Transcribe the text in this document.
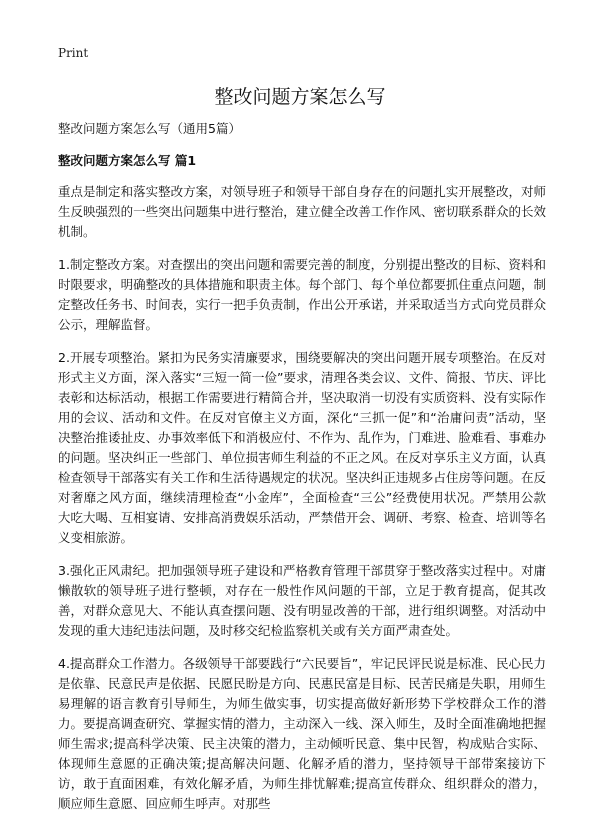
Print
整改问题方案怎么写

整改问题方案怎么写（通用5篇）

整改问题方案怎么写 篇1

重点是制定和落实整改方案，对领导班子和领导干部自身存在的问题扎实开展整改，对师生反映强烈的一些突出问题集中进行整治，建立健全改善工作作风、密切联系群众的长效机制。

1.制定整改方案。对查摆出的突出问题和需要完善的制度，分别提出整改的目标、资料和时限要求，明确整改的具体措施和职责主体。每个部门、每个单位都要抓住重点问题，制定整改任务书、时间表，实行一把手负责制，作出公开承诺，并采取适当方式向党员群众公示，理解监督。

2.开展专项整治。紧扣为民务实清廉要求，围绕要解决的突出问题开展专项整治。在反对形式主义方面，深入落实“三短一简一俭”要求，清理各类会议、文件、简报、节庆、评比表彰和达标活动，根据工作需要进行精简合并，坚决取消一切没有实质资料、没有实际作用的会议、活动和文件。在反对官僚主义方面，深化“三抓一促”和“治庸问责”活动，坚决整治推诿扯皮、办事效率低下和消极应付、不作为、乱作为，门难进、脸难看、事难办的问题。坚决纠正一些部门、单位损害师生利益的不正之风。在反对享乐主义方面，认真检查领导干部落实有关工作和生活待遇规定的状况。坚决纠正违规多占住房等问题。在反对奢靡之风方面，继续清理检查“小金库”，全面检查“三公”经费使用状况。严禁用公款大吃大喝、互相宴请、安排高消费娱乐活动，严禁借开会、调研、考察、检查、培训等名义变相旅游。

3.强化正风肃纪。把加强领导班子建设和严格教育管理干部贯穿于整改落实过程中。对庸懒散软的领导班子进行整顿，对存在一般性作风问题的干部，立足于教育提高，促其改善，对群众意见大、不能认真查摆问题、没有明显改善的干部，进行组织调整。对活动中发现的重大违纪违法问题，及时移交纪检监察机关或有关方面严肃查处。

4.提高群众工作潜力。各级领导干部要践行“六民要旨”，牢记民评民说是标准、民心民力是依靠、民意民声是依据、民愿民盼是方向、民惠民富是目标、民苦民痛是失职，用师生易理解的语言教育引导师生，为师生做实事，切实提高做好新形势下学校群众工作的潜力。要提高调查研究、掌握实情的潜力，主动深入一线、深入师生，及时全面准确地把握师生需求;提高科学决策、民主决策的潜力，主动倾听民意、集中民智，构成贴合实际、体现师生意愿的正确决策;提高解决问题、化解矛盾的潜力，坚持领导干部带案接访下访，敢于直面困难，有效化解矛盾，为师生排忧解难;提高宣传群众、组织群众的潜力，顺应师生意愿、回应师生呼声。对那些
